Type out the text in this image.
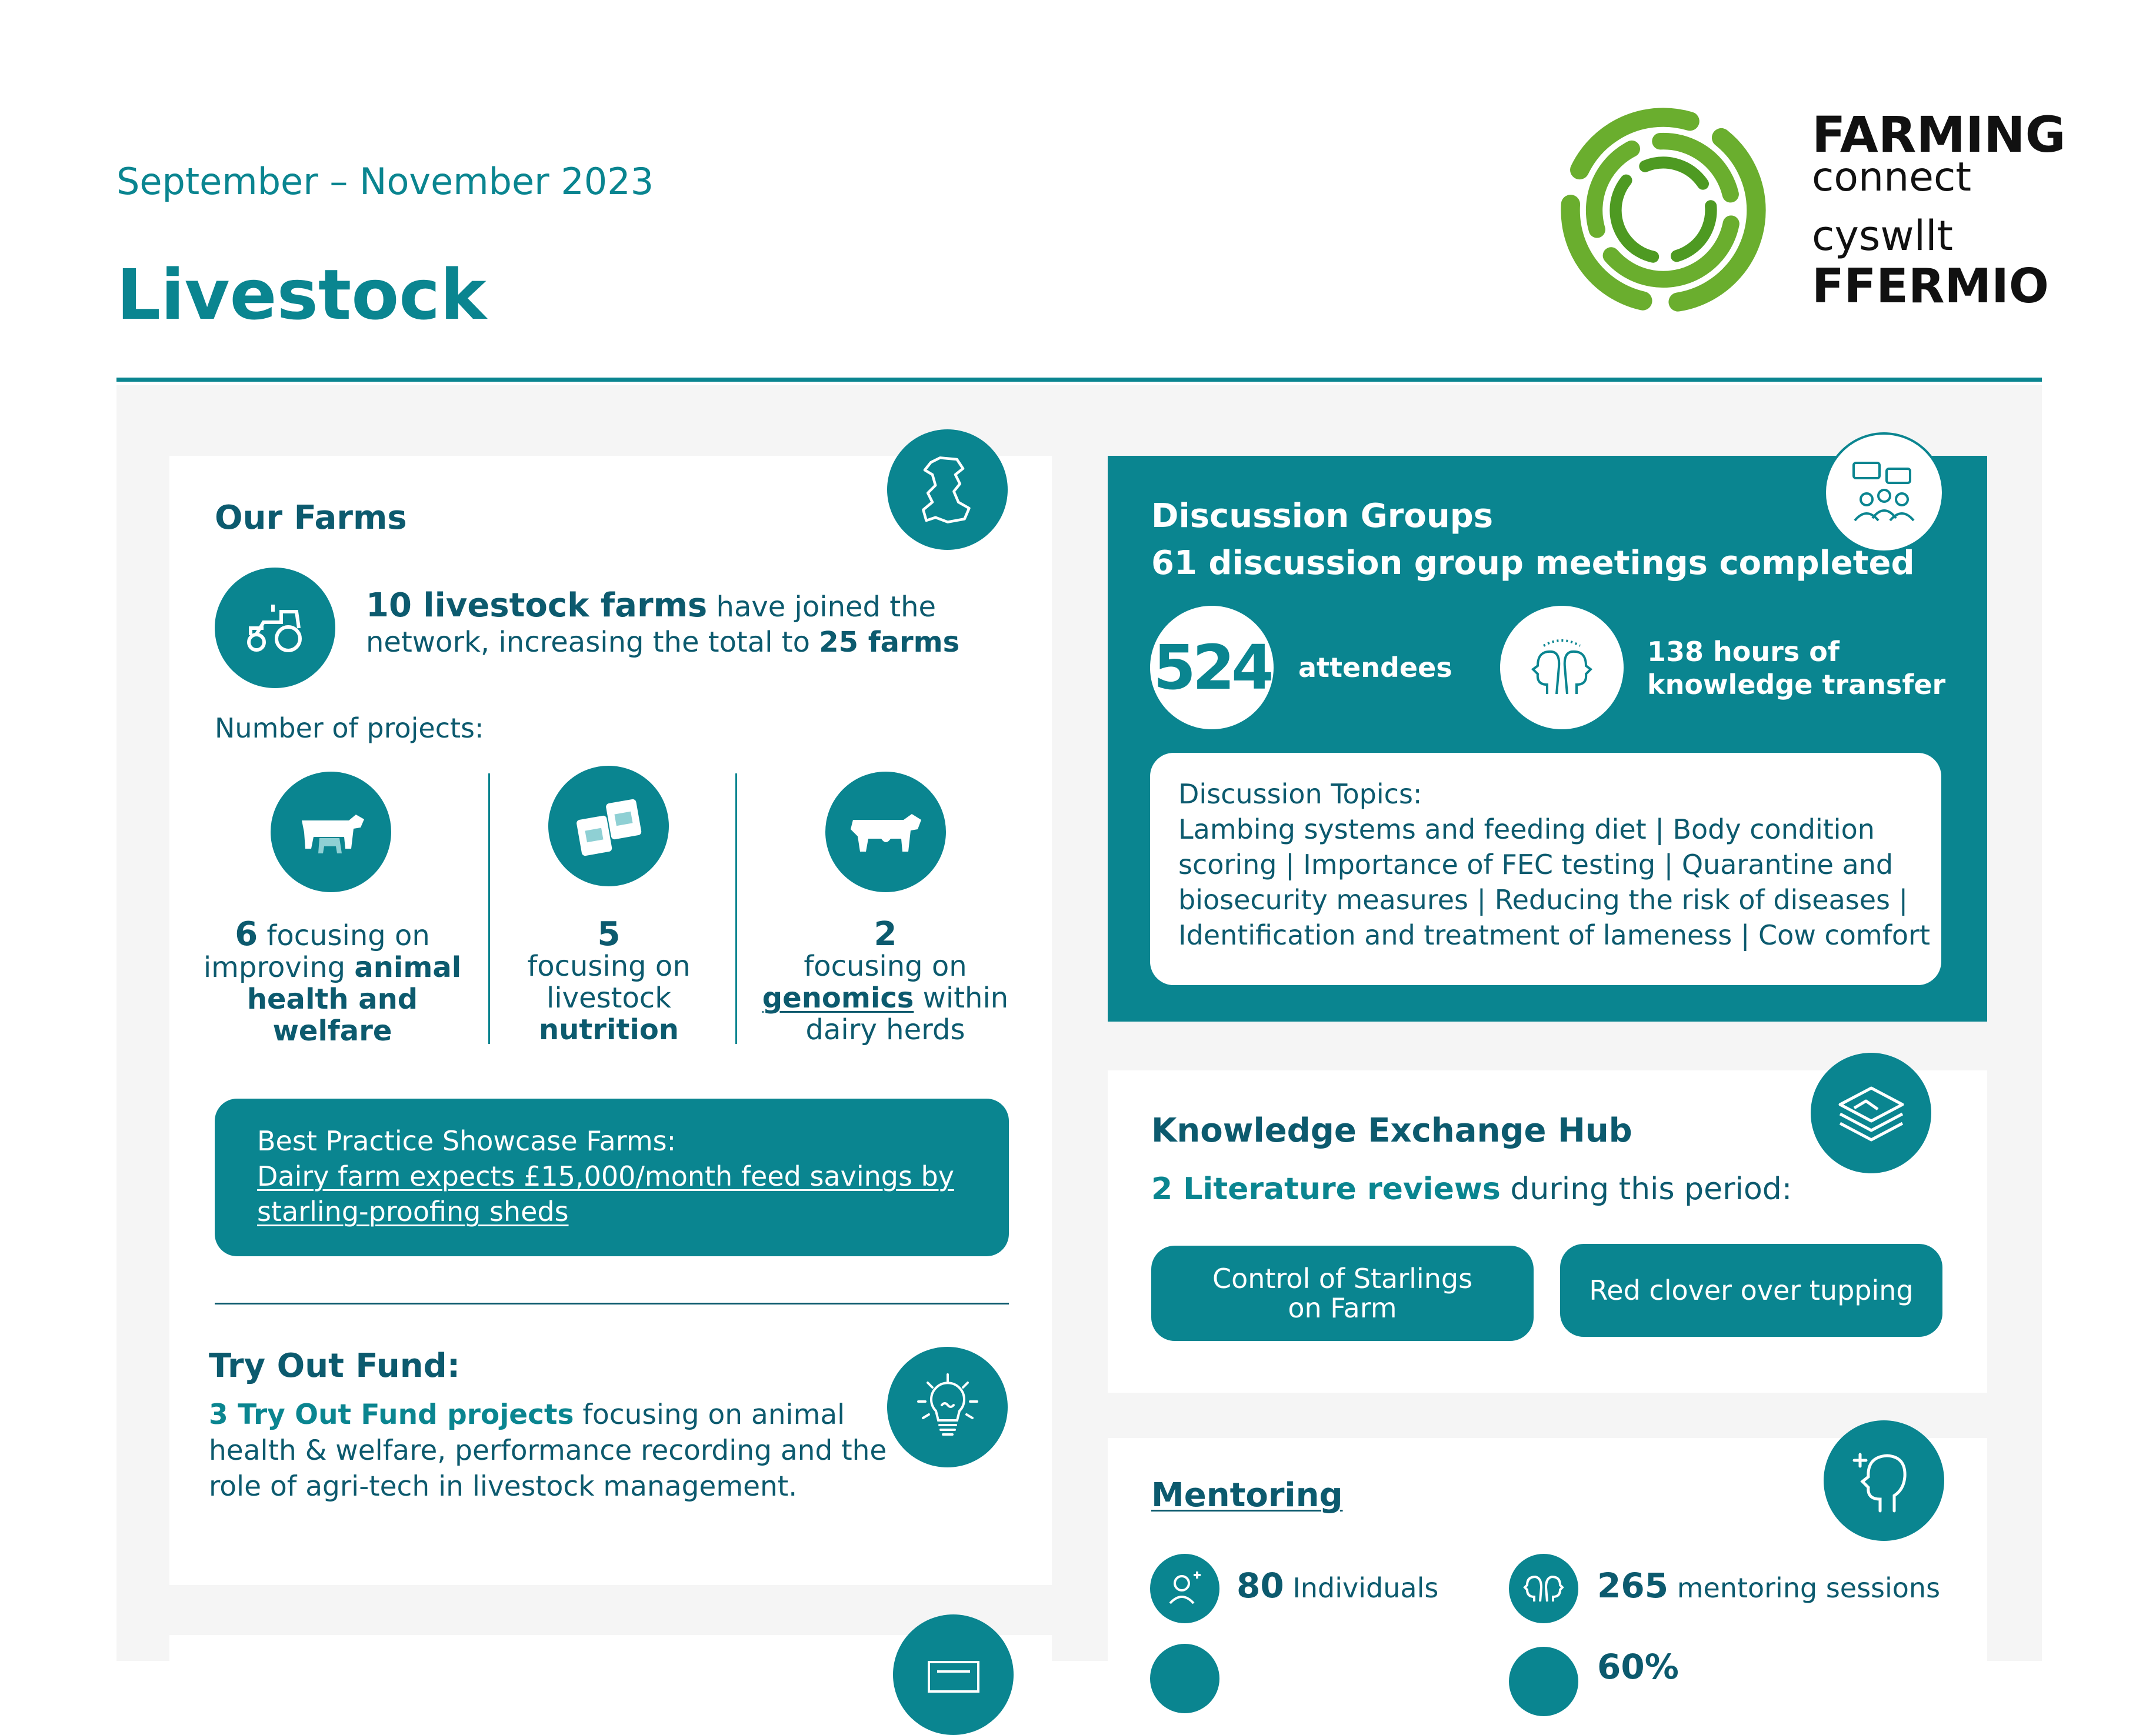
September – November 2023
Livestock
FARMING
connect
cyswllt
FFERMIO
Our Farms
10 livestock farms have joined the
network, increasing the total to 25 farms
Number of projects:
6 focusing on
improving animal
health and
welfare
5
focusing on
livestock
nutrition
2
focusing on
genomics within
dairy herds
Best Practice Showcase Farms:
Dairy farm expects £15,000/month feed savings by
starling-proofing sheds
Try Out Fund:
3 Try Out Fund projects focusing on animal
health & welfare, performance recording and the
role of agri-tech in livestock management.
Discussion Groups
61 discussion group meetings completed
524 attendees	138 hours of
knowledge transfer
Discussion Topics:
Lambing systems and feeding diet | Body condition
scoring | Importance of FEC testing | Quarantine and
biosecurity measures | Reducing the risk of diseases |
Identification and treatment of lameness | Cow comfort
Knowledge Exchange Hub
2 Literature reviews during this period:
Control of Starlings
on Farm
Red clover over tupping
Mentoring
80 Individuals	265 mentoring sessions
60%
